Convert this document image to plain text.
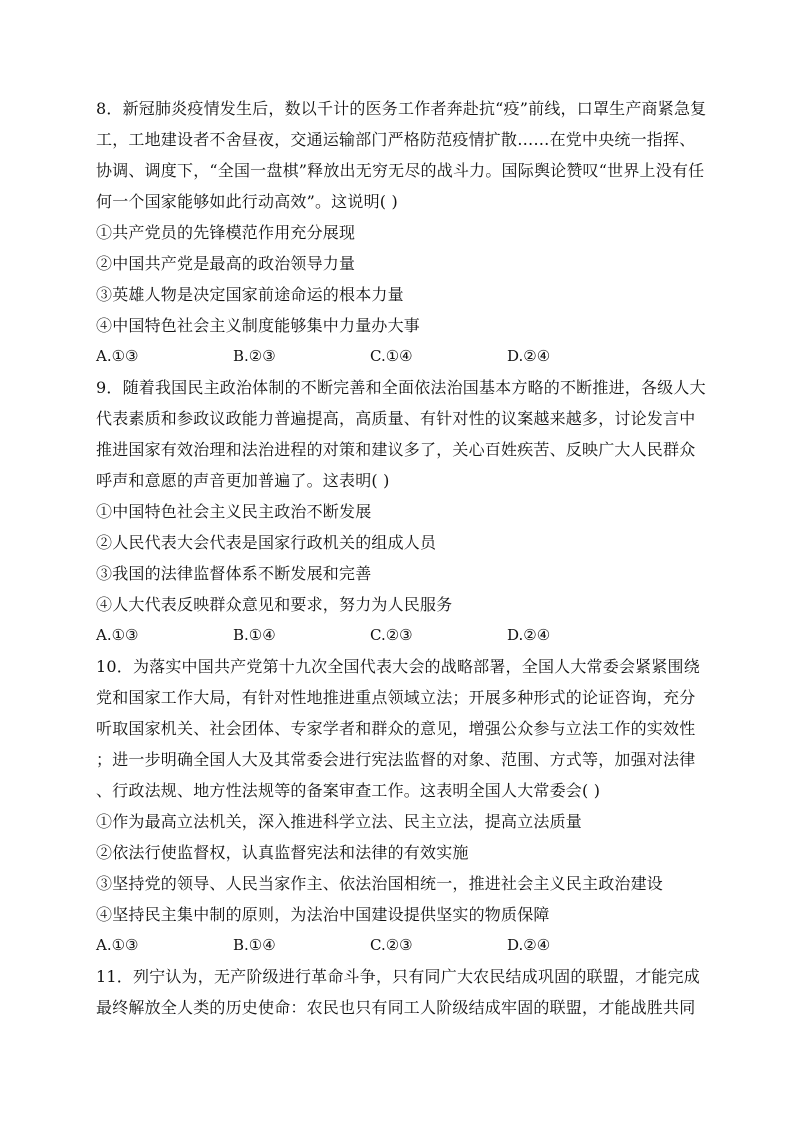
8．新冠肺炎疫情发生后，数以千计的医务工作者奔赴抗“疫”前线，口罩生产商紧急复
工，工地建设者不舍昼夜，交通运输部门严格防范疫情扩散……在党中央统一指挥、
协调、调度下，“全国一盘棋”释放出无穷无尽的战斗力。国际舆论赞叹“世界上没有任
何一个国家能够如此行动高效”。这说明( )
①共产党员的先锋模范作用充分展现
②中国共产党是最高的政治领导力量
③英雄人物是决定国家前途命运的根本力量
④中国特色社会主义制度能够集中力量办大事
A.①③	B.②③	C.①④	D.②④
9．随着我国民主政治体制的不断完善和全面依法治国基本方略的不断推进，各级人大
代表素质和参政议政能力普遍提高，高质量、有针对性的议案越来越多，讨论发言中
推进国家有效治理和法治进程的对策和建议多了，关心百姓疾苦、反映广大人民群众
呼声和意愿的声音更加普遍了。这表明( )
①中国特色社会主义民主政治不断发展
②人民代表大会代表是国家行政机关的组成人员
③我国的法律监督体系不断发展和完善
④人大代表反映群众意见和要求，努力为人民服务
A.①③	B.①④	C.②③	D.②④
10．为落实中国共产党第十九次全国代表大会的战略部署，全国人大常委会紧紧围绕
党和国家工作大局，有针对性地推进重点领域立法；开展多种形式的论证咨询，充分
听取国家机关、社会团体、专家学者和群众的意见，增强公众参与立法工作的实效性
；进一步明确全国人大及其常委会进行宪法监督的对象、范围、方式等，加强对法律
、行政法规、地方性法规等的备案审查工作。这表明全国人大常委会( )
①作为最高立法机关，深入推进科学立法、民主立法，提高立法质量
②依法行使监督权，认真监督宪法和法律的有效实施
③坚持党的领导、人民当家作主、依法治国相统一，推进社会主义民主政治建设
④坚持民主集中制的原则，为法治中国建设提供坚实的物质保障
A.①③	B.①④	C.②③	D.②④
11．列宁认为，无产阶级进行革命斗争，只有同广大农民结成巩固的联盟，才能完成
最终解放全人类的历史使命：农民也只有同工人阶级结成牢固的联盟，才能战胜共同
